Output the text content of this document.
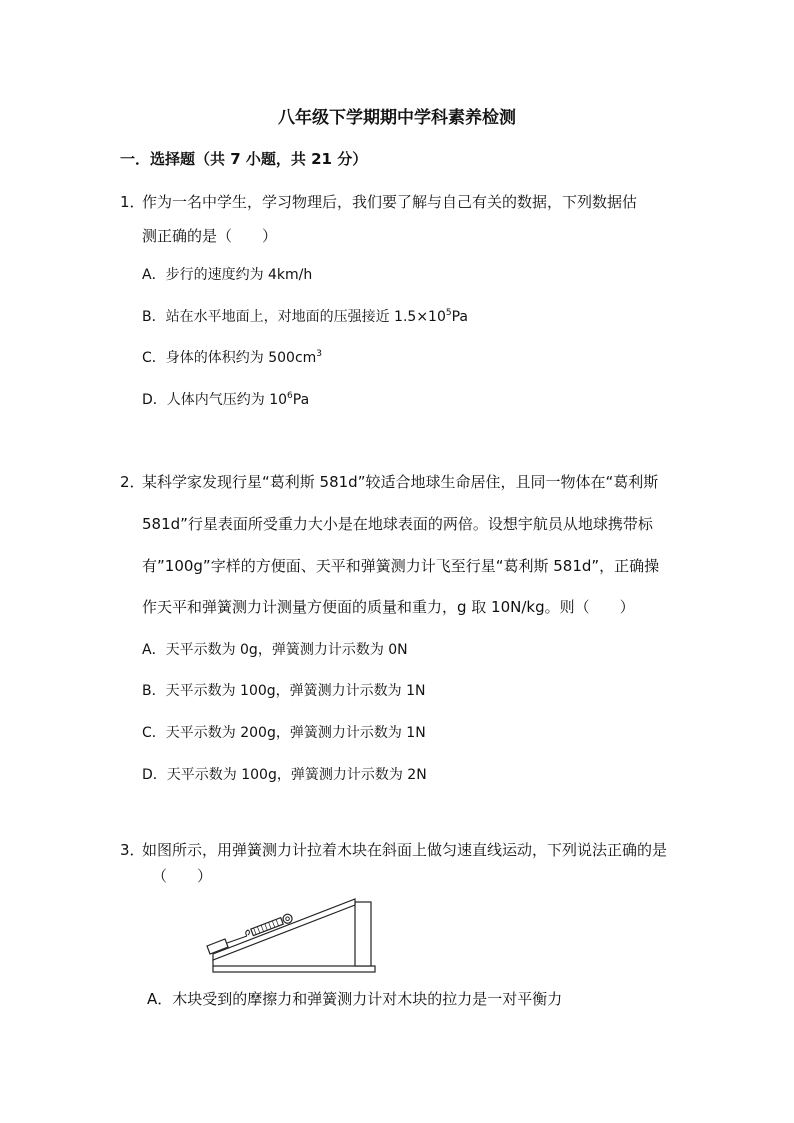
八年级下学期期中学科素养检测
一．选择题（共 7 小题，共 21 分）
1．作为一名中学生，学习物理后，我们要了解与自己有关的数据，下列数据估
测正确的是（　　）
A．步行的速度约为 4km/h
B．站在水平地面上，对地面的压强接近 $1.5\times 10^5Pa$
C．身体的体积约为 $500cm^3$
D．人体内气压约为 $10^6Pa$
2．某科学家发现行星“葛利斯 581d”较适合地球生命居住，且同一物体在“葛利斯
581d”行星表面所受重力大小是在地球表面的两倍。设想宇航员从地球携带标
有”100g”字样的方便面、天平和弹簧测力计飞至行星“葛利斯 581d”，正确操
作天平和弹簧测力计测量方便面的质量和重力，g 取 10N/kg。则（　　）
A．天平示数为 0g，弹簧测力计示数为 0N
B．天平示数为 100g，弹簧测力计示数为 1N
C．天平示数为 200g，弹簧测力计示数为 1N
D．天平示数为 100g，弹簧测力计示数为 2N
3．如图所示，用弹簧测力计拉着木块在斜面上做匀速直线运动，下列说法正确的是
（　　）
A．木块受到的摩擦力和弹簧测力计对木块的拉力是一对平衡力
